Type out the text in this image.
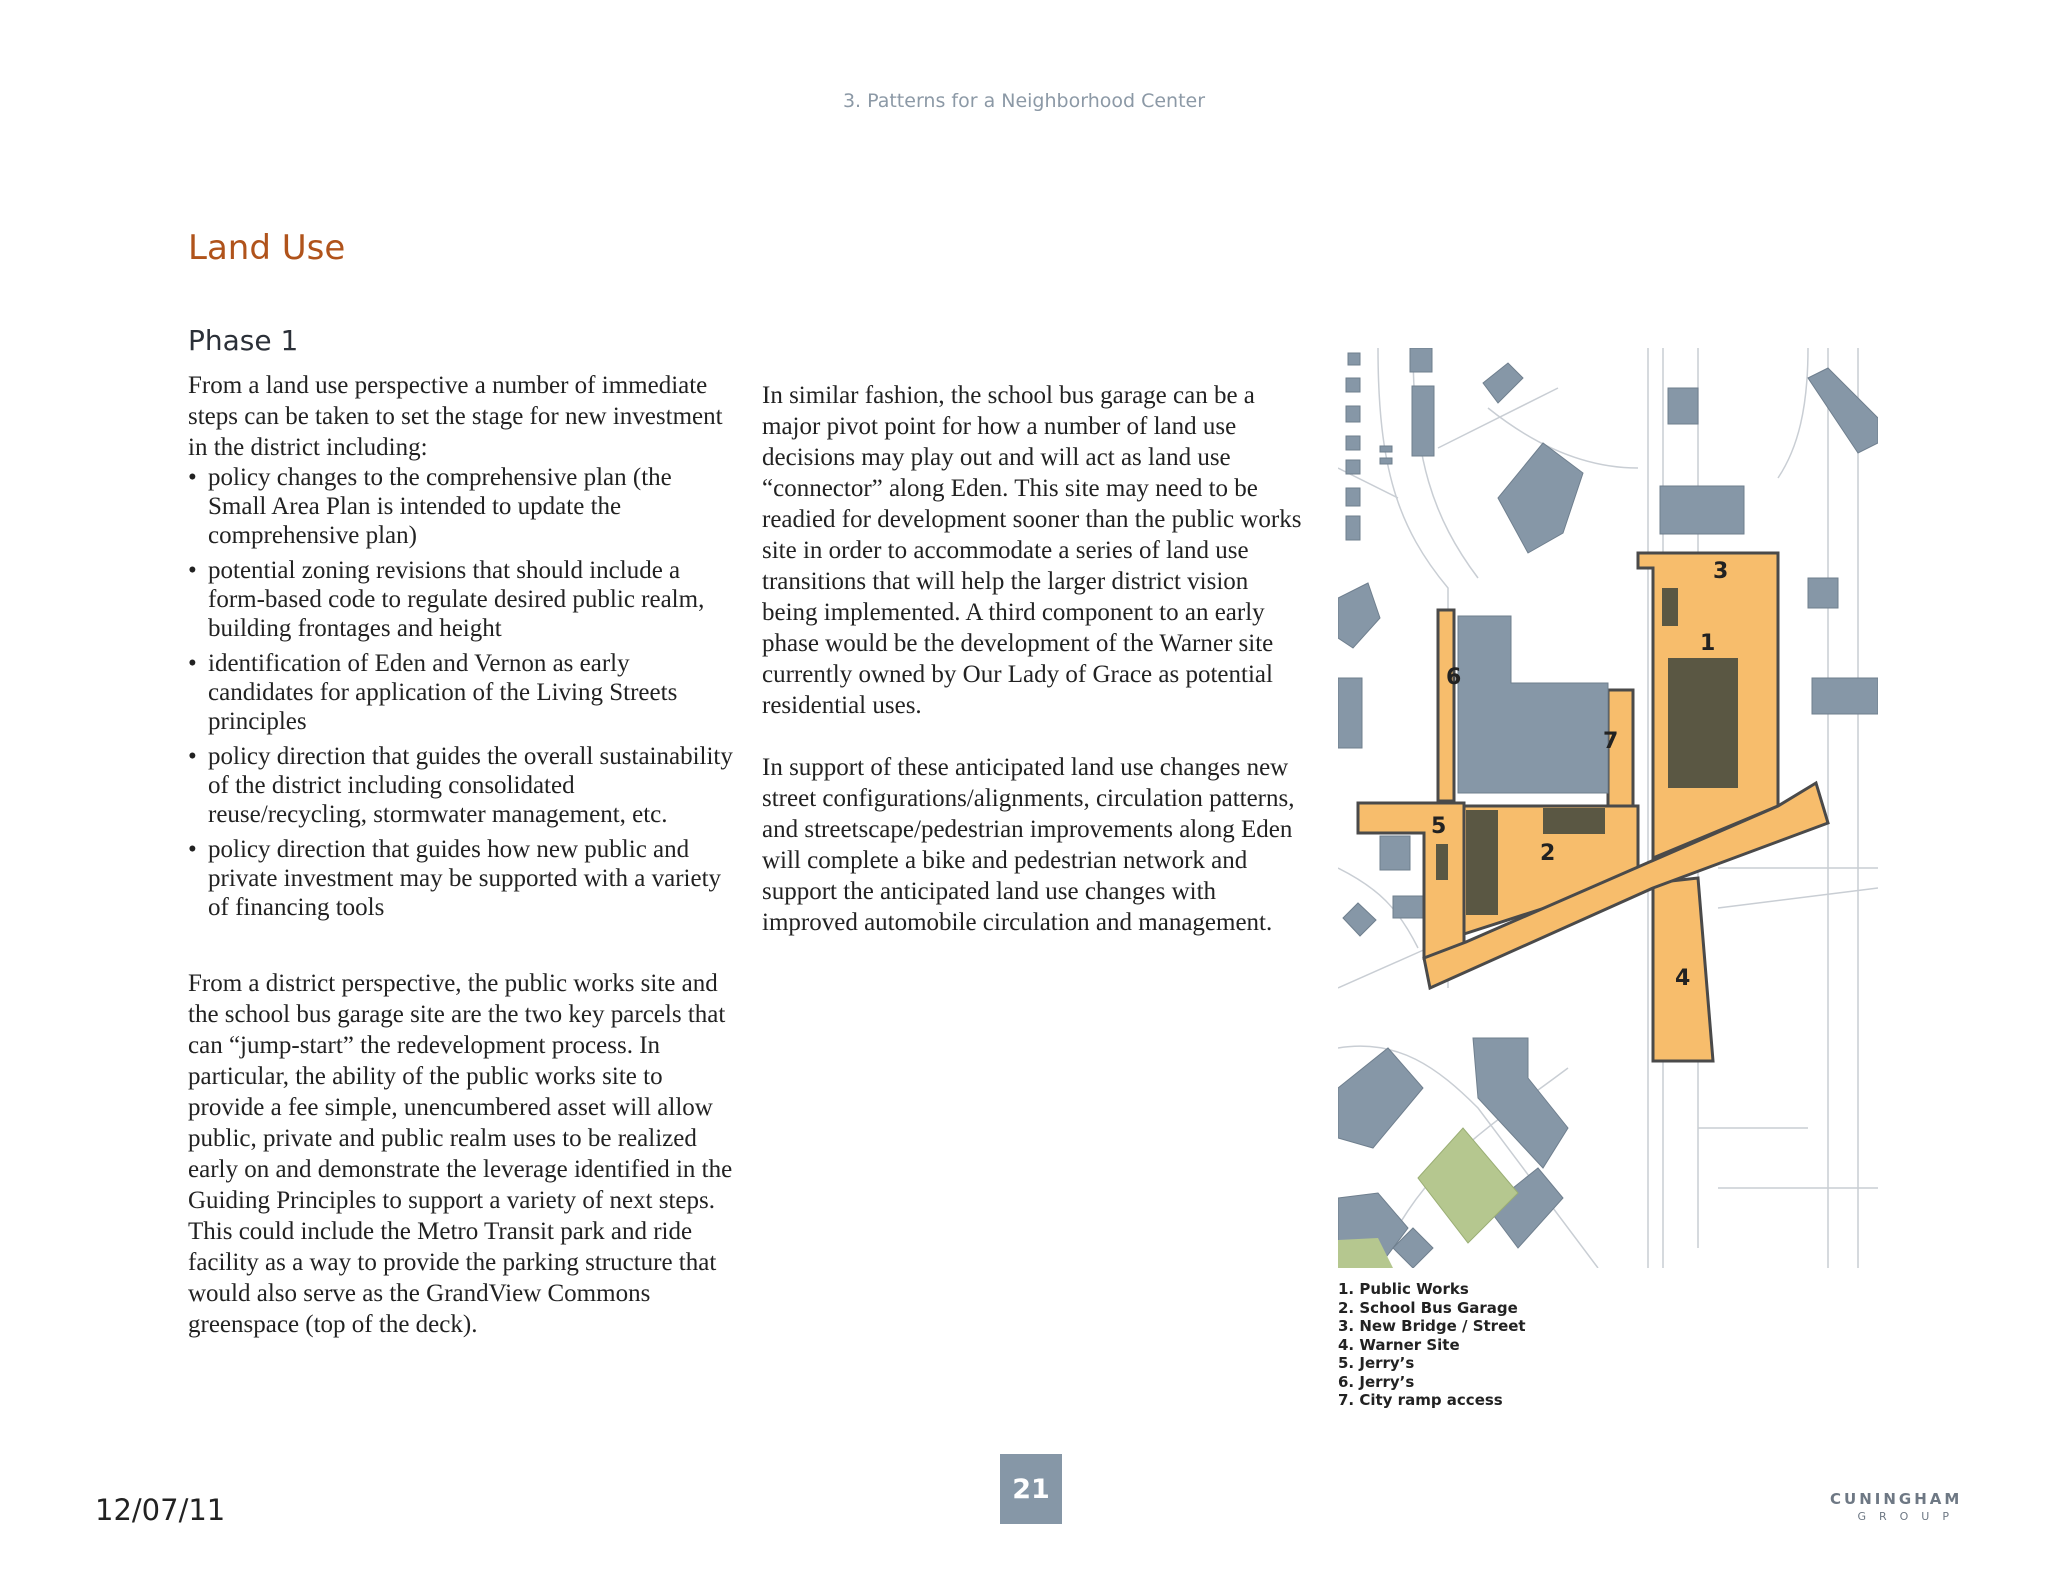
3. Patterns for a Neighborhood Center
Land Use
Phase 1

From a land use perspective a number of immediate steps can be taken to set the stage for new investment in the district including:

• policy changes to the comprehensive plan (the Small Area Plan is intended to update the comprehensive plan)
• potential zoning revisions that should include a form-based code to regulate desired public realm, building frontages and height
• identification of Eden and Vernon as early candidates for application of the Living Streets principles
• policy direction that guides the overall sustainability of the district including consolidated reuse/recycling, stormwater management, etc.
• policy direction that guides how new public and private investment may be supported with a variety of financing tools

From a district perspective, the public works site and the school bus garage site are the two key parcels that can “jump-start” the redevelopment process. In particular, the ability of the public works site to provide a fee simple, unencumbered asset will allow public, private and public realm uses to be realized early on and demonstrate the leverage identified in the Guiding Principles to support a variety of next steps. This could include the Metro Transit park and ride facility as a way to provide the parking structure that would also serve as the GrandView Commons greenspace (top of the deck).

In similar fashion, the school bus garage can be a major pivot point for how a number of land use decisions may play out and will act as land use “connector” along Eden. This site may need to be readied for development sooner than the public works site in order to accommodate a series of land use transitions that will help the larger district vision being implemented. A third component to an early phase would be the development of the Warner site currently owned by Our Lady of Grace as potential residential uses.

In support of these anticipated land use changes new street configurations/alignments, circulation patterns, and streetscape/pedestrian improvements along Eden will complete a bike and pedestrian network and support the anticipated land use changes with improved automobile circulation and management.

3
1
6
7
5
2
4
1. Public Works
2. School Bus Garage
3. New Bridge / Street
4. Warner Site
5. Jerry’s
6. Jerry’s
7. City ramp access
12/07/11
21	CUNINGHAM
GROUP
